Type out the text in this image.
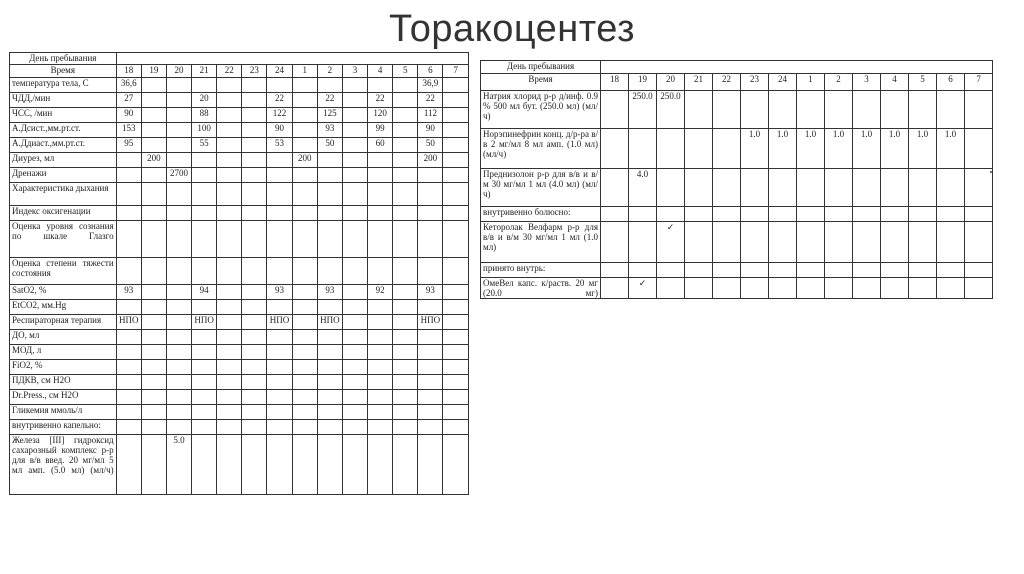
Торакоцентез
День пребывания														
Время	18	19	20	21	22	23	24	1	2	3	4	5	6	7
температура тела, С	36,6												36,9	
ЧДД,/мин	27			20			22		22		22		22	
ЧСС, /мин	90			88			122		125		120		112	
А.Дсист.,мм.рт.ст.	153			100			90		93		99		90	
А.Ддиаст.,мм.рт.ст.	95			55			53		50		60		50	
Диурез, мл		200						200					200	
Дренажи			2700											
Характеристика дыхания														
Индекс оксигенации														
Оценка уровня сознания по шкале Глазго														
Оценка степени тяжести состояния														
SatO2, %	93			94			93		93		92		93	
EtCO2, мм.Hg														
Респираторная терапия	НПО			НПО			НПО		НПО				НПО	
ДО, мл														
МОД, л														
FiO2, %														
ПДКВ, см Н2О														
Dr.Press., см Н2О														
Гликемия ммоль/л														
внутривенно капельно:														
Железа [III] гидроксид сахарозный комплекс р-р для в/в введ. 20 мг/мл 5 мл амп. (5.0 мл) (мл/ч)			5.0											
День пребывания														
Время	18	19	20	21	22	23	24	1	2	3	4	5	6	7
Натрия хлорид р-р д/инф. 0.9 % 500 мл бут. (250.0 мл) (мл/ч)		250.0	250.0											
Норэпинефрин конц. д/р-ра в/в 2 мг/мл 8 мл амп. (1.0 мл) (мл/ч)						1.0	1.0	1.0	1.0	1.0	1.0	1.0	1.0	
Преднизолон р-р для в/в и в/м 30 мг/мл 1 мл (4.0 мл) (мл/ч)		4.0												
внутривенно болюсно:														
Кеторолак Велфарм р-р для в/в и в/м 30 мг/мл 1 мл (1.0 мл)			✓											
принято внутрь:														
ОмеВел капс. к/раств. 20 мг (20.0 мг)		✓												
